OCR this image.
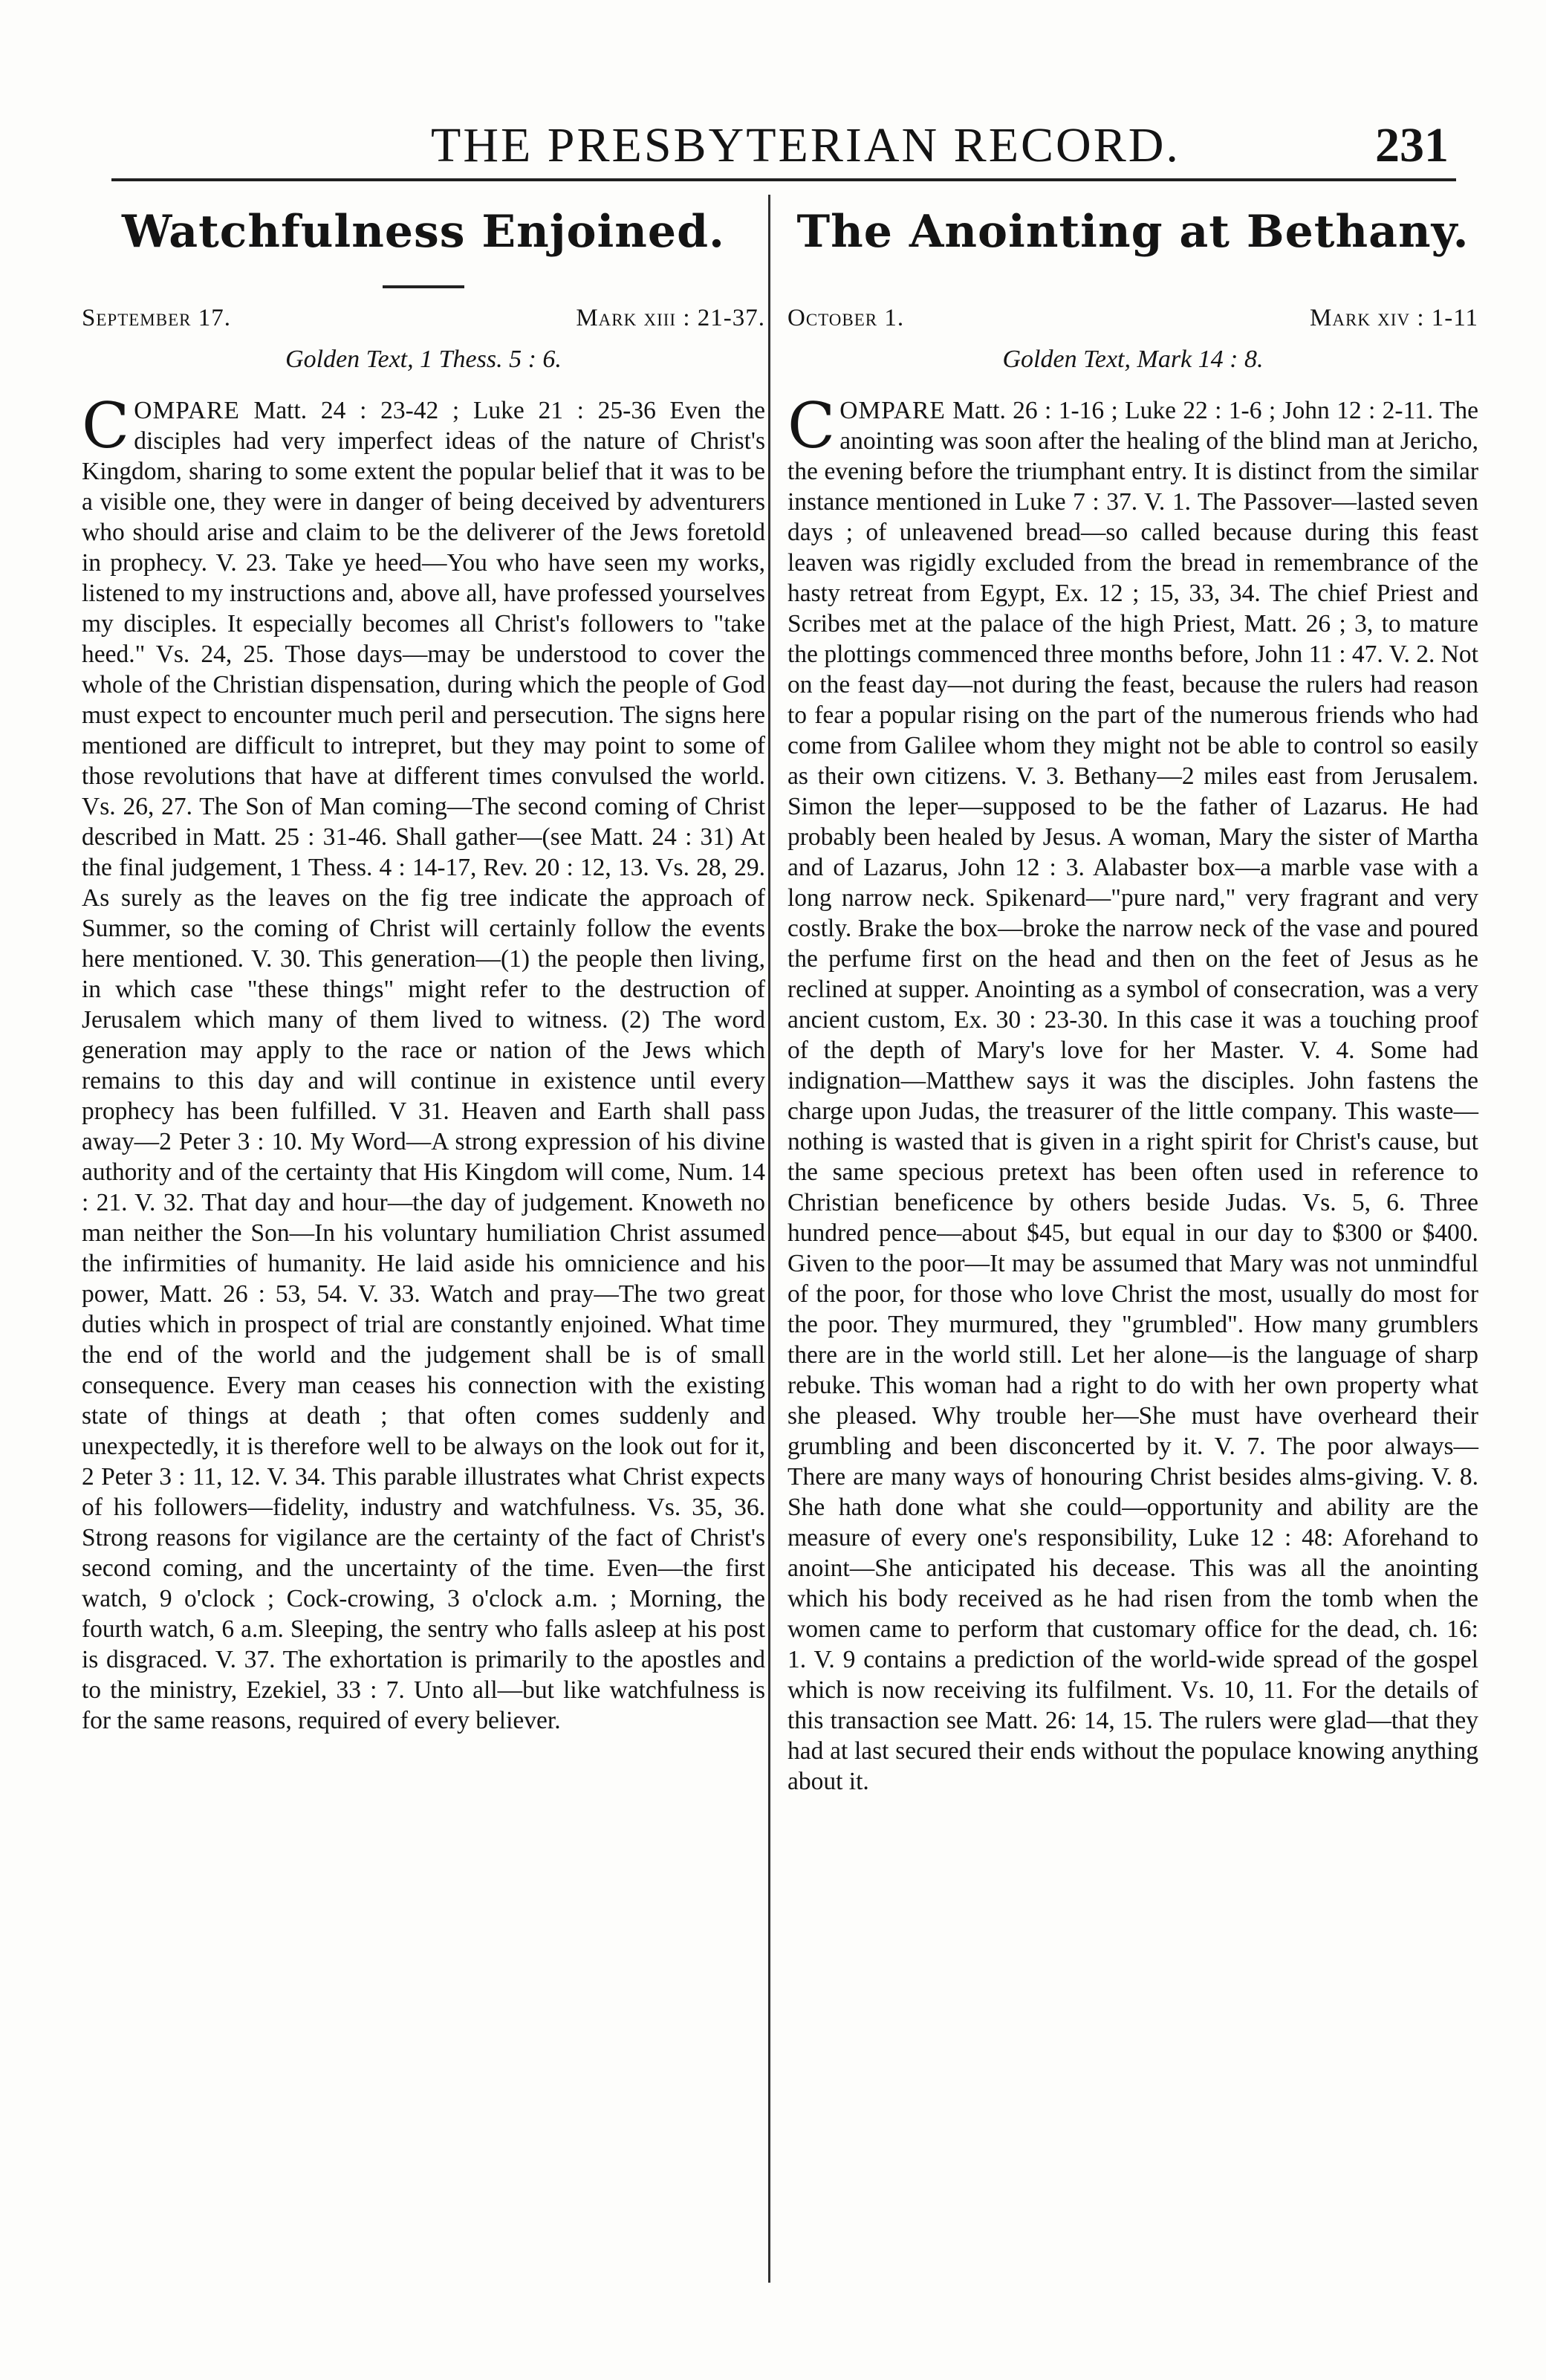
THE PRESBYTERIAN RECORD.	231
Watchfulness Enjoined.
September 17.	Mark xiii : 21-37.
Golden Text, 1 Thess. 5 : 6.
C OMPARE Matt. 24 : 23-42 ; Luke 21 : 25-36 Even the disciples had very imperfect ideas of the nature of Christ's Kingdom, sharing to some extent the popular belief that it was to be a visible one, they were in danger of being deceived by adventurers who should arise and claim to be the deliverer of the Jews foretold in prophecy. V. 23. Take ye heed—You who have seen my works, listened to my instructions and, above all, have professed yourselves my disciples. It especially becomes all Christ's followers to "take heed." Vs. 24, 25. Those days—may be understood to cover the whole of the Christian dispensation, during which the people of God must expect to encounter much peril and persecution. The signs here mentioned are difficult to intrepret, but they may point to some of those revolutions that have at different times convulsed the world. Vs. 26, 27. The Son of Man coming—The second coming of Christ described in Matt. 25 : 31-46. Shall gather—(see Matt. 24 : 31) At the final judgement, 1 Thess. 4 : 14-17, Rev. 20 : 12, 13. Vs. 28, 29. As surely as the leaves on the fig tree indicate the approach of Summer, so the coming of Christ will certainly follow the events here mentioned. V. 30. This generation—(1) the people then living, in which case "these things" might refer to the destruction of Jerusalem which many of them lived to witness. (2) The word generation may apply to the race or nation of the Jews which remains to this day and will continue in existence until every prophecy has been fulfilled. V 31. Heaven and Earth shall pass away—2 Peter 3 : 10. My Word—A strong expression of his divine authority and of the certainty that His Kingdom will come, Num. 14 : 21. V. 32. That day and hour—the day of judgement. Knoweth no man neither the Son—In his voluntary humiliation Christ assumed the infirmities of humanity. He laid aside his omnicience and his power, Matt. 26 : 53, 54. V. 33. Watch and pray—The two great duties which in prospect of trial are constantly enjoined. What time the end of the world and the judgement shall be is of small consequence. Every man ceases his connection with the existing state of things at death ; that often comes suddenly and unexpectedly, it is therefore well to be always on the look out for it, 2 Peter 3 : 11, 12. V. 34. This parable illustrates what Christ expects of his followers—fidelity, industry and watchfulness. Vs. 35, 36. Strong reasons for vigilance are the certainty of the fact of Christ's second coming, and the uncertainty of the time. Even—the first watch, 9 o'clock ; Cock-crowing, 3 o'clock a.m. ; Morning, the fourth watch, 6 a.m. Sleeping, the sentry who falls asleep at his post is disgraced. V. 37. The exhortation is primarily to the apostles and to the ministry, Ezekiel, 33 : 7. Unto all—but like watchfulness is for the same reasons, required of every believer.
The Anointing at Bethany.
October 1.	Mark xiv : 1-11
Golden Text, Mark 14 : 8.
C OMPARE Matt. 26 : 1-16 ; Luke 22 : 1-6 ; John 12 : 2-11. The anointing was soon after the healing of the blind man at Jericho, the evening before the triumphant entry. It is distinct from the similar instance mentioned in Luke 7 : 37. V. 1. The Passover—lasted seven days ; of unleavened bread—so called because during this feast leaven was rigidly excluded from the bread in remembrance of the hasty retreat from Egypt, Ex. 12 ; 15, 33, 34. The chief Priest and Scribes met at the palace of the high Priest, Matt. 26 ; 3, to mature the plottings commenced three months before, John 11 : 47. V. 2. Not on the feast day—not during the feast, because the rulers had reason to fear a popular rising on the part of the numerous friends who had come from Galilee whom they might not be able to control so easily as their own citizens. V. 3. Bethany—2 miles east from Jerusalem. Simon the leper—supposed to be the father of Lazarus. He had probably been healed by Jesus. A woman, Mary the sister of Martha and of Lazarus, John 12 : 3. Alabaster box—a marble vase with a long narrow neck. Spikenard—"pure nard," very fragrant and very costly. Brake the box—broke the narrow neck of the vase and poured the perfume first on the head and then on the feet of Jesus as he reclined at supper. Anointing as a symbol of consecration, was a very ancient custom, Ex. 30 : 23-30. In this case it was a touching proof of the depth of Mary's love for her Master. V. 4. Some had indignation—Matthew says it was the disciples. John fastens the charge upon Judas, the treasurer of the little company. This waste—nothing is wasted that is given in a right spirit for Christ's cause, but the same specious pretext has been often used in reference to Christian beneficence by others beside Judas. Vs. 5, 6. Three hundred pence—about $45, but equal in our day to $300 or $400. Given to the poor—It may be assumed that Mary was not unmindful of the poor, for those who love Christ the most, usually do most for the poor. They murmured, they "grumbled". How many grumblers there are in the world still. Let her alone—is the language of sharp rebuke. This woman had a right to do with her own property what she pleased. Why trouble her—She must have overheard their grumbling and been disconcerted by it. V. 7. The poor always—There are many ways of honouring Christ besides alms-giving. V. 8. She hath done what she could—opportunity and ability are the measure of every one's responsibility, Luke 12 : 48: Aforehand to anoint—She anticipated his decease. This was all the anointing which his body received as he had risen from the tomb when the women came to perform that customary office for the dead, ch. 16: 1. V. 9 contains a prediction of the world-wide spread of the gospel which is now receiving its fulfilment. Vs. 10, 11. For the details of this transaction see Matt. 26: 14, 15. The rulers were glad—that they had at last secured their ends without the populace knowing anything about it.
